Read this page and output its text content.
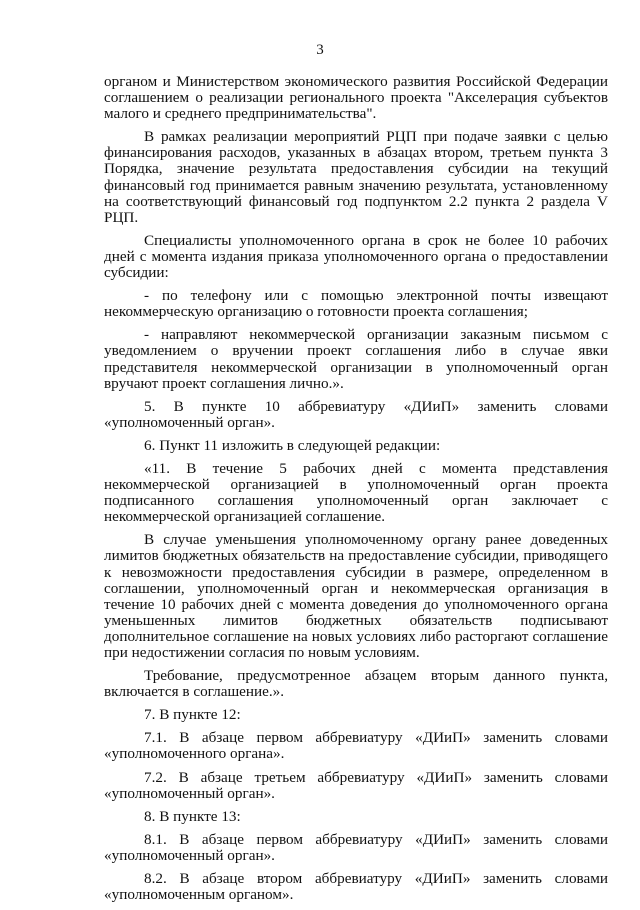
3

органом и Министерством экономического развития Российской Федерации соглашением о реализации регионального проекта "Акселерация субъектов малого и среднего предпринимательства".

В рамках реализации мероприятий РЦП при подаче заявки с целью финансирования расходов, указанных в абзацах втором, третьем пункта 3 Порядка, значение результата предоставления субсидии на текущий финансовый год принимается равным значению результата, установленному на соответствующий финансовый год подпунктом 2.2 пункта 2 раздела V РЦП.

Специалисты уполномоченного органа в срок не более 10 рабочих дней с момента издания приказа уполномоченного органа о предоставлении субсидии:

- по телефону или с помощью электронной почты извещают некоммерческую организацию о готовности проекта соглашения;

- направляют некоммерческой организации заказным письмом с уведомлением о вручении проект соглашения либо в случае явки представителя некоммерческой организации в уполномоченный орган вручают проект соглашения лично.».

5. В пункте 10 аббревиатуру «ДИиП» заменить словами «уполномоченный орган».

6. Пункт 11 изложить в следующей редакции:

«11. В течение 5 рабочих дней с момента представления некоммерческой организацией в уполномоченный орган проекта подписанного соглашения уполномоченный орган заключает с некоммерческой организацией соглашение.

В случае уменьшения уполномоченному органу ранее доведенных лимитов бюджетных обязательств на предоставление субсидии, приводящего к невозможности предоставления субсидии в размере, определенном в соглашении, уполномоченный орган и некоммерческая организация в течение 10 рабочих дней с момента доведения до уполномоченного органа уменьшенных лимитов бюджетных обязательств подписывают дополнительное соглашение на новых условиях либо расторгают соглашение при недостижении согласия по новым условиям.

Требование, предусмотренное абзацем вторым данного пункта, включается в соглашение.».

7. В пункте 12:

7.1. В абзаце первом аббревиатуру «ДИиП» заменить словами «уполномоченного органа».

7.2. В абзаце третьем аббревиатуру «ДИиП» заменить словами «уполномоченный орган».

8. В пункте 13:

8.1. В абзаце первом аббревиатуру «ДИиП» заменить словами «уполномоченный орган».

8.2. В абзаце втором аббревиатуру «ДИиП» заменить словами «уполномоченным органом».
